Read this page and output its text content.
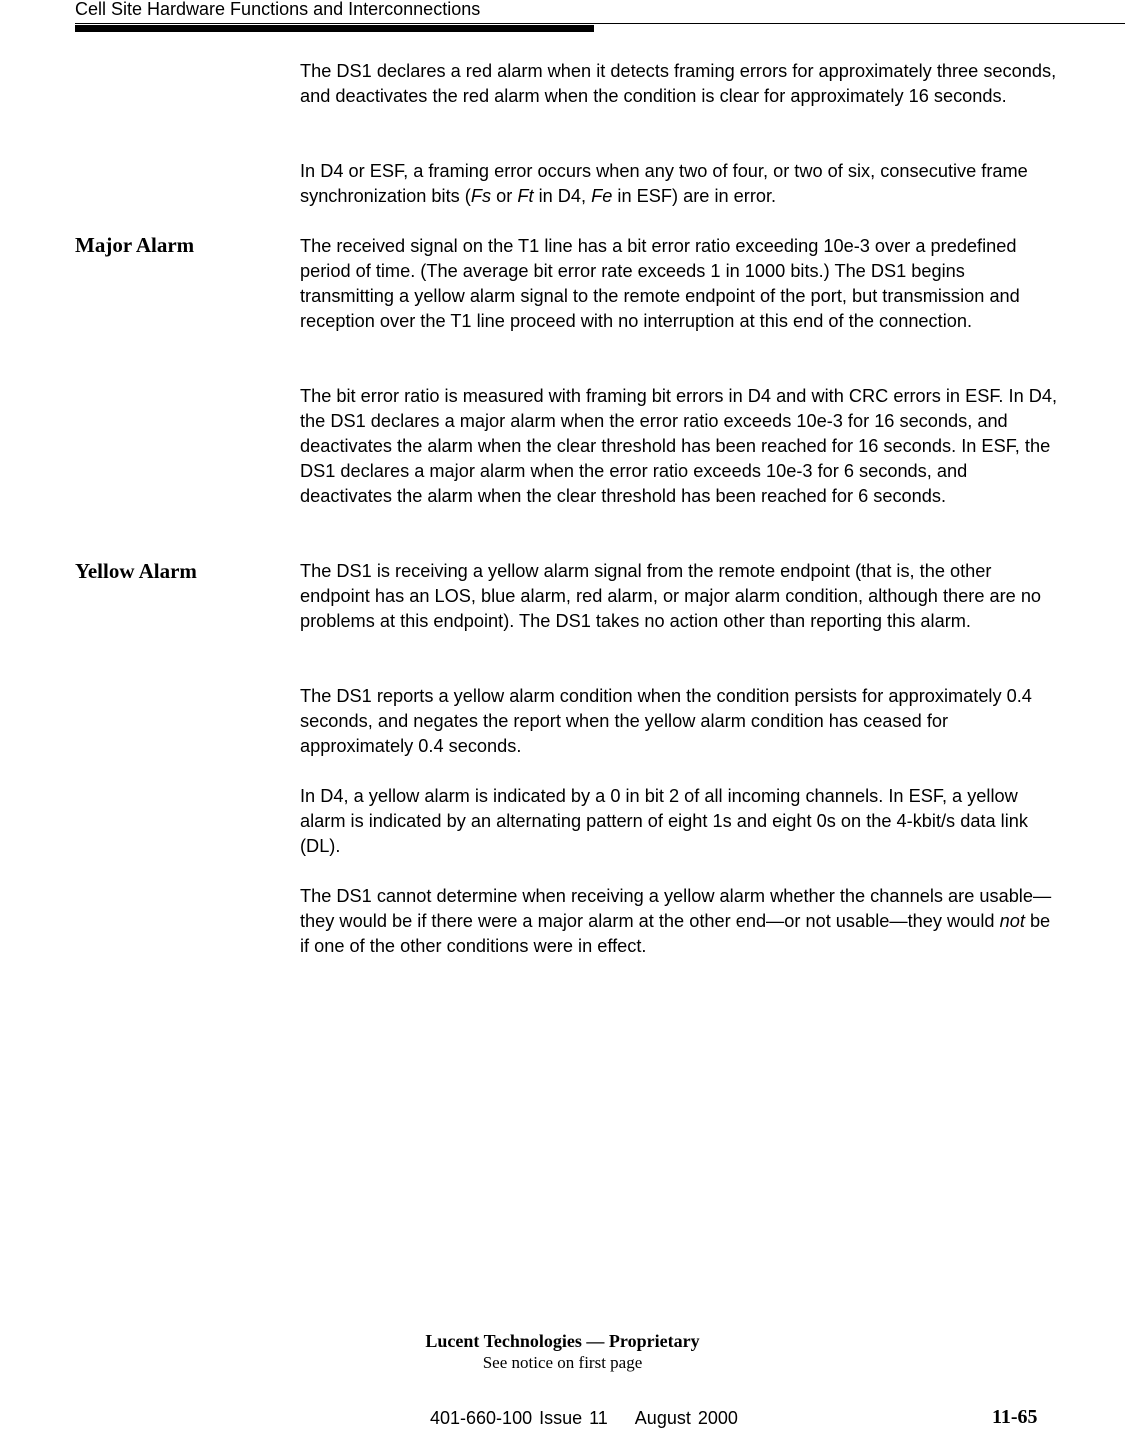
Cell Site Hardware Functions and Interconnections

The DS1 declares a red alarm when it detects framing errors for approximately three seconds, and deactivates the red alarm when the condition is clear for approximately 16 seconds.

In D4 or ESF, a framing error occurs when any two of four, or two of six, consecutive frame synchronization bits (Fs or Ft in D4, Fe in ESF) are in error.

Major Alarm	The received signal on the T1 line has a bit error ratio exceeding 10e-3 over a predefined period of time. (The average bit error rate exceeds 1 in 1000 bits.) The DS1 begins transmitting a yellow alarm signal to the remote endpoint of the port, but transmission and reception over the T1 line proceed with no interruption at this end of the connection.

The bit error ratio is measured with framing bit errors in D4 and with CRC errors in ESF. In D4, the DS1 declares a major alarm when the error ratio exceeds 10e-3 for 16 seconds, and deactivates the alarm when the clear threshold has been reached for 16 seconds. In ESF, the DS1 declares a major alarm when the error ratio exceeds 10e-3 for 6 seconds, and deactivates the alarm when the clear threshold has been reached for 6 seconds.

Yellow Alarm	The DS1 is receiving a yellow alarm signal from the remote endpoint (that is, the other endpoint has an LOS, blue alarm, red alarm, or major alarm condition, although there are no problems at this endpoint). The DS1 takes no action other than reporting this alarm.

The DS1 reports a yellow alarm condition when the condition persists for approximately 0.4 seconds, and negates the report when the yellow alarm condition has ceased for approximately 0.4 seconds.

In D4, a yellow alarm is indicated by a 0 in bit 2 of all incoming channels. In ESF, a yellow alarm is indicated by an alternating pattern of eight 1s and eight 0s on the 4-kbit/s data link (DL).

The DS1 cannot determine when receiving a yellow alarm whether the channels are usable—they would be if there were a major alarm at the other end—or not usable—they would not be if one of the other conditions were in effect.

Lucent Technologies — Proprietary
See notice on first page
401-660-100 Issue 11    August 2000	11-65
